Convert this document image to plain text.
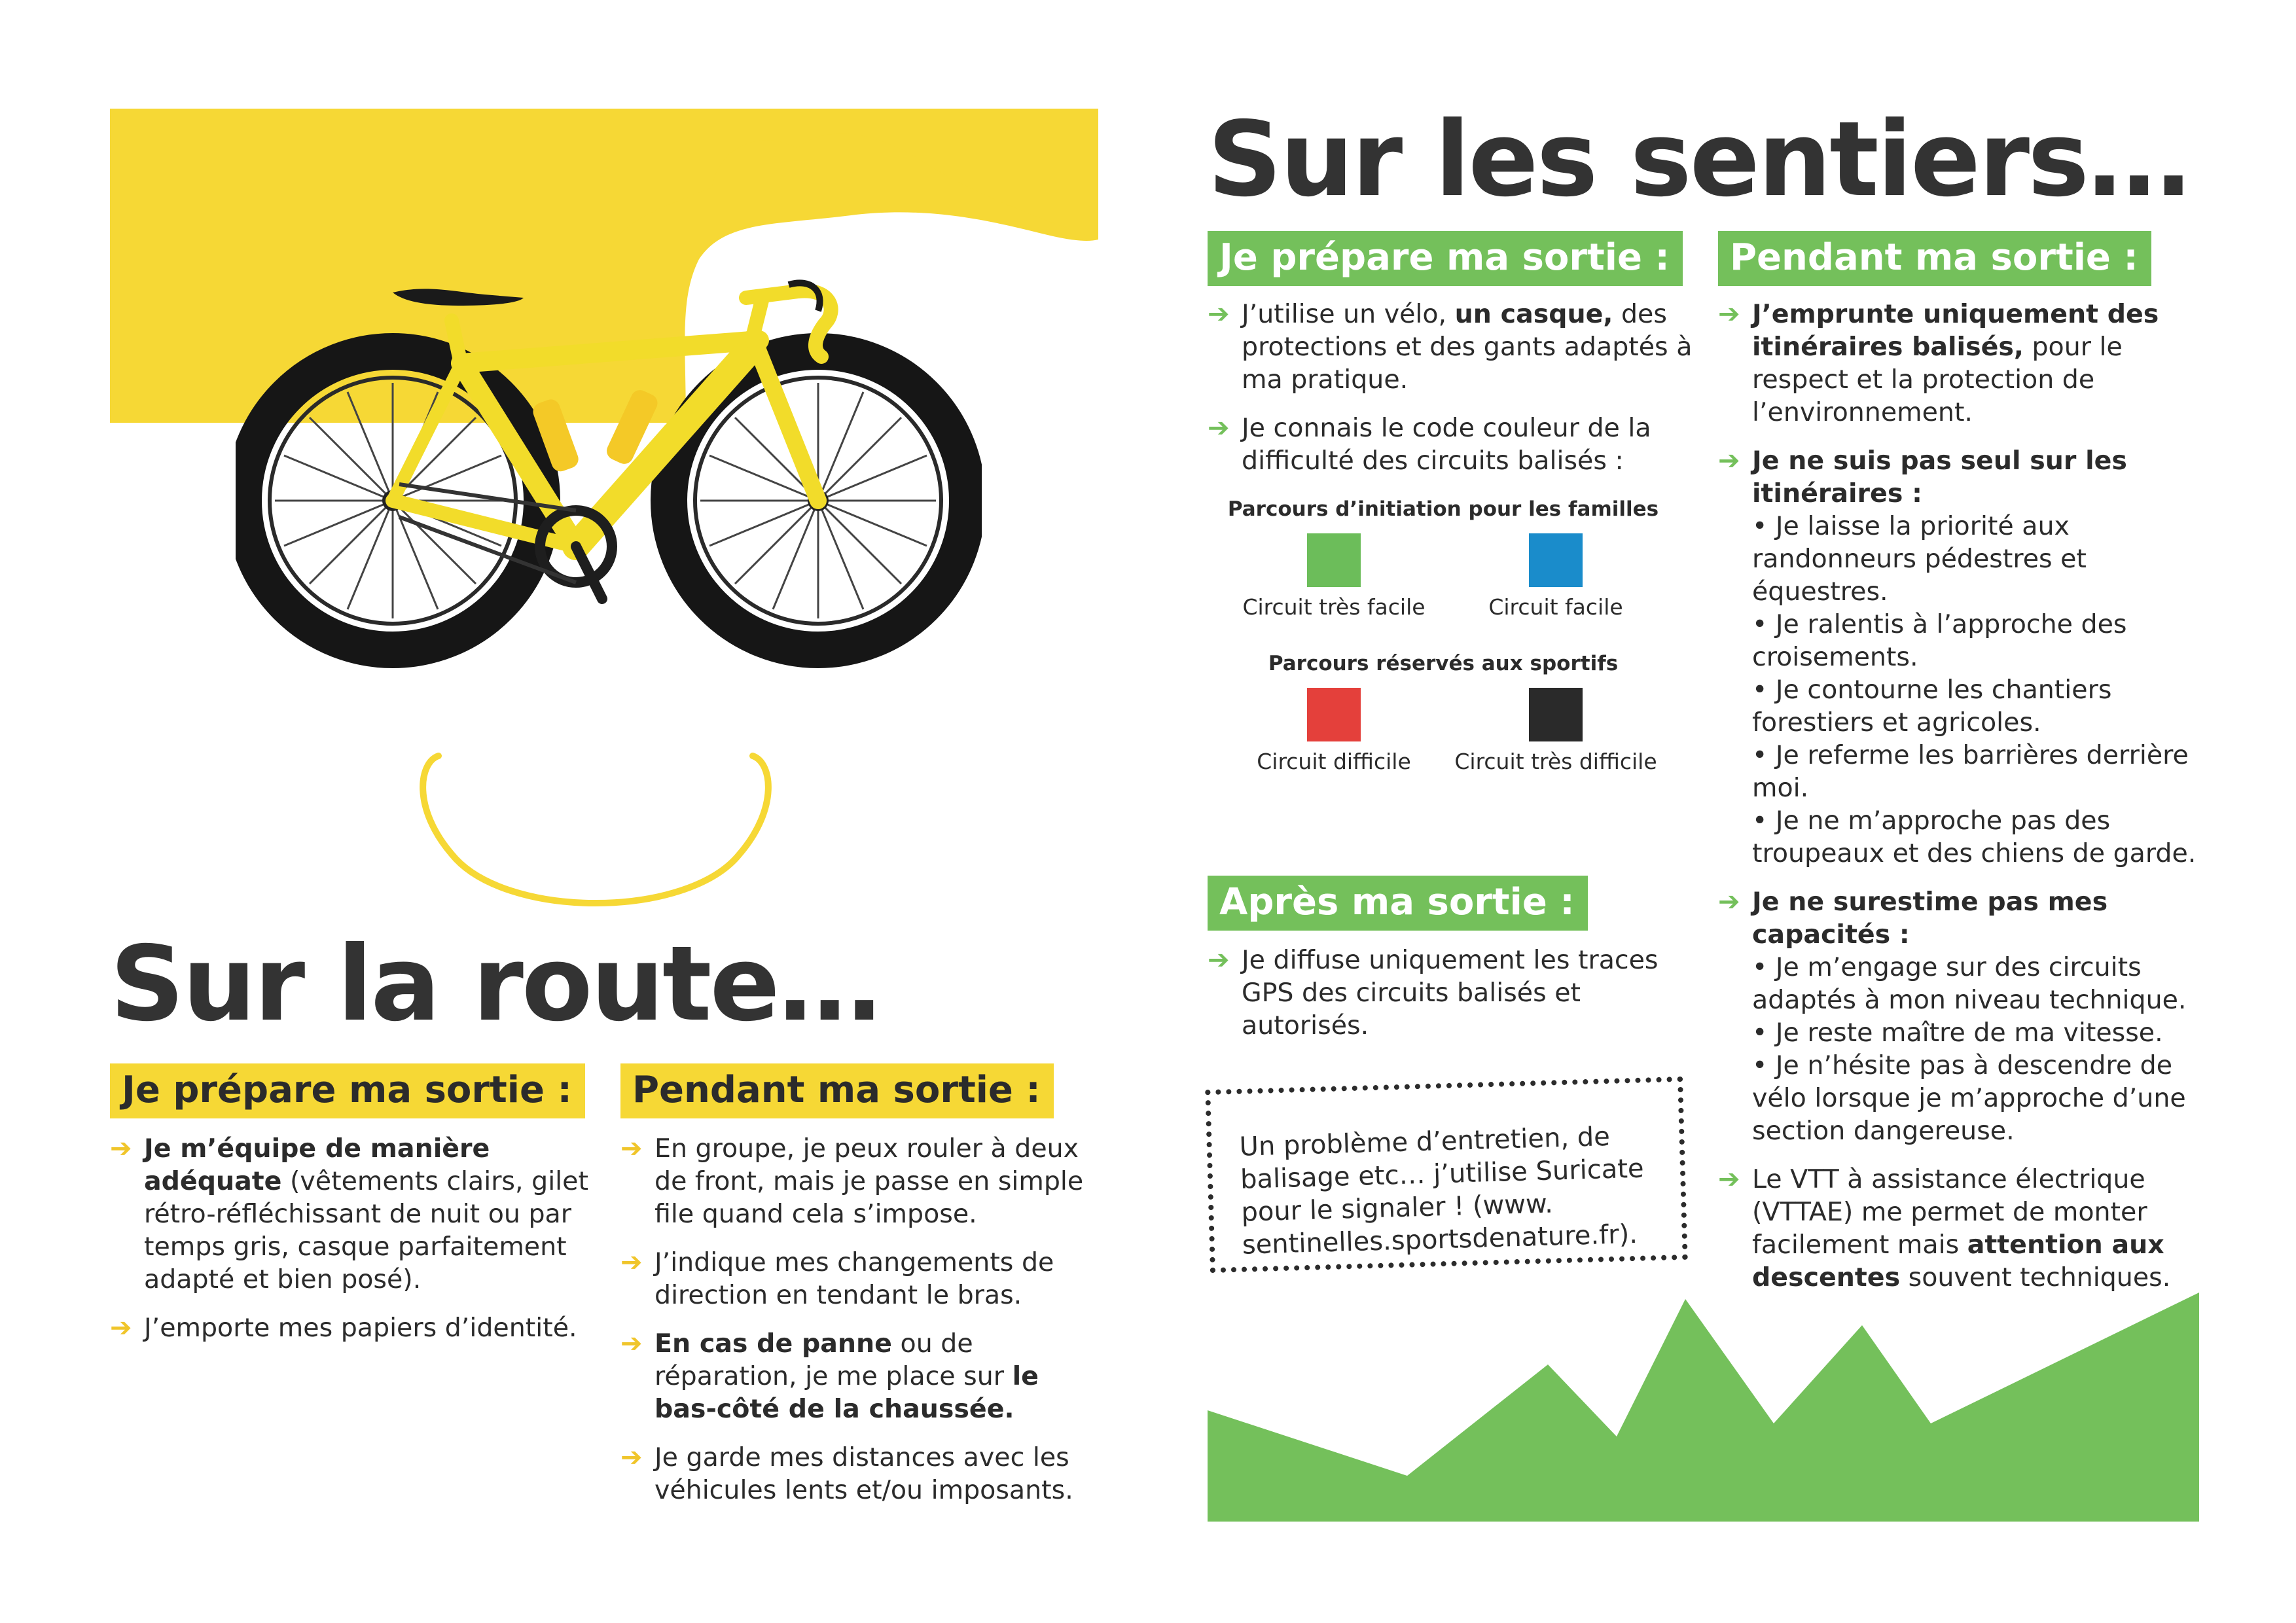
Sur la route…
Je prépare ma sortie :
➔ Je m’équipe de manière adéquate (vêtements clairs, gilet rétro-réfléchissant de nuit ou par temps gris, casque parfaitement adapté et bien posé).
➔ J’emporte mes papiers d’identité.
Pendant ma sortie :
➔ En groupe, je peux rouler à deux de front, mais je passe en simple file quand cela s’impose.
➔ J’indique mes changements de direction en tendant le bras.
➔ En cas de panne ou de réparation, je me place sur le bas-côté de la chaussée.
➔ Je garde mes distances avec les véhicules lents et/ou imposants.
Sur les sentiers…
Je prépare ma sortie :
➔ J’utilise un vélo, un casque, des protections et des gants adaptés à ma pratique.
➔ Je connais le code couleur de la difficulté des circuits balisés :
Parcours d’initiation pour les familles
Circuit très facile	Circuit facile
Parcours réservés aux sportifs
Circuit difficile	Circuit très difficile
Après ma sortie :
➔ Je diffuse uniquement les traces GPS des circuits balisés et autorisés.
Un problème d’entretien, de balisage etc… j’utilise Suricate pour le signaler ! (www. sentinelles.sportsdenature.fr).
Pendant ma sortie :
➔ J’emprunte uniquement des itinéraires balisés, pour le respect et la protection de l’environnement.
➔ Je ne suis pas seul sur les itinéraires :
• Je laisse la priorité aux randonneurs pédestres et équestres.
• Je ralentis à l’approche des croisements.
• Je contourne les chantiers forestiers et agricoles.
• Je referme les barrières derrière moi.
• Je ne m’approche pas des troupeaux et des chiens de garde.
➔ Je ne surestime pas mes capacités :
• Je m’engage sur des circuits adaptés à mon niveau technique.
• Je reste maître de ma vitesse.
• Je n’hésite pas à descendre de vélo lorsque je m’approche d’une section dangereuse.
➔ Le VTT à assistance électrique (VTTAE) me permet de monter facilement mais attention aux descentes souvent techniques.
